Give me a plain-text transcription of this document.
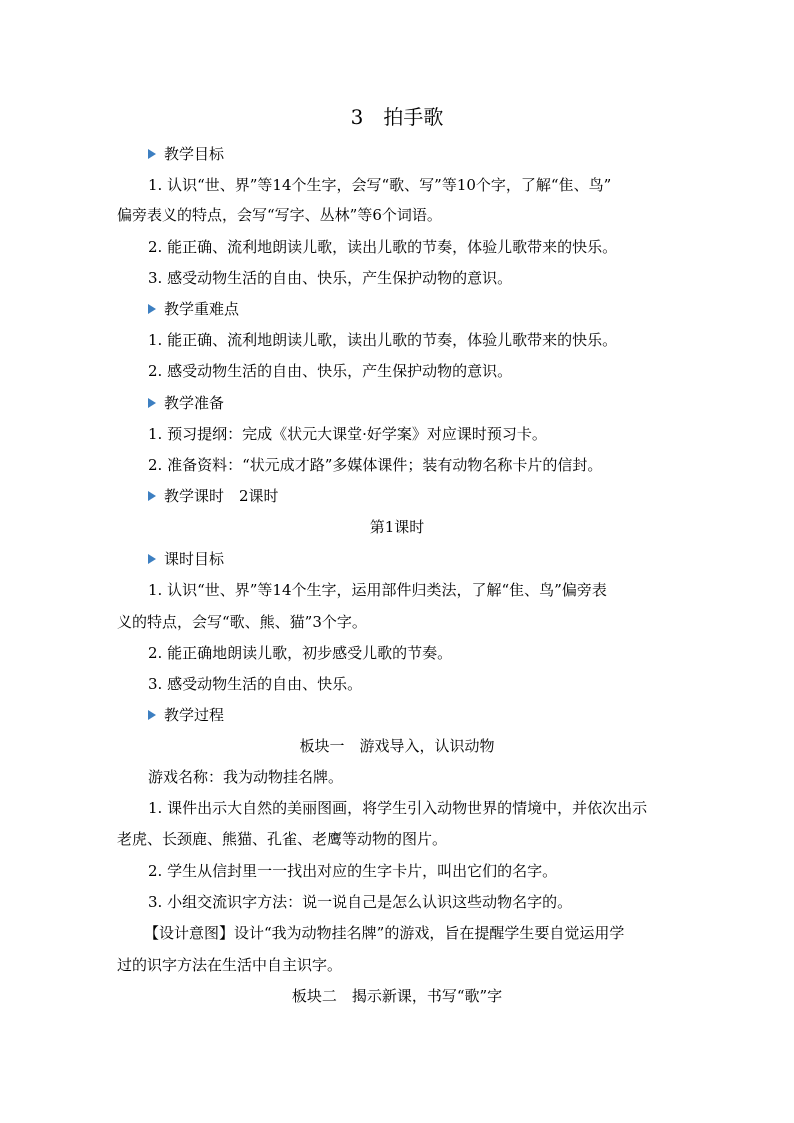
3　拍手歌
教学目标
1. 认识“世、界”等14个生字，会写“歌、写”等10个字，了解“隹、鸟”
偏旁表义的特点，会写“写字、丛林”等6个词语。
2. 能正确、流利地朗读儿歌，读出儿歌的节奏，体验儿歌带来的快乐。
3. 感受动物生活的自由、快乐，产生保护动物的意识。
教学重难点
1. 能正确、流利地朗读儿歌，读出儿歌的节奏，体验儿歌带来的快乐。
2. 感受动物生活的自由、快乐，产生保护动物的意识。
教学准备
1. 预习提纲：完成《状元大课堂·好学案》对应课时预习卡。
2. 准备资料：“状元成才路”多媒体课件；装有动物名称卡片的信封。
教学课时　2课时
第1课时
课时目标
1. 认识“世、界”等14个生字，运用部件归类法，了解“隹、鸟”偏旁表
义的特点，会写“歌、熊、猫”3个字。
2. 能正确地朗读儿歌，初步感受儿歌的节奏。
3. 感受动物生活的自由、快乐。
教学过程
板块一　游戏导入，认识动物
游戏名称：我为动物挂名牌。
1. 课件出示大自然的美丽图画，将学生引入动物世界的情境中，并依次出示
老虎、长颈鹿、熊猫、孔雀、老鹰等动物的图片。
2. 学生从信封里一一找出对应的生字卡片，叫出它们的名字。
3. 小组交流识字方法：说一说自己是怎么认识这些动物名字的。
【设计意图】设计“我为动物挂名牌”的游戏，旨在提醒学生要自觉运用学
过的识字方法在生活中自主识字。
板块二　揭示新课，书写“歌”字
